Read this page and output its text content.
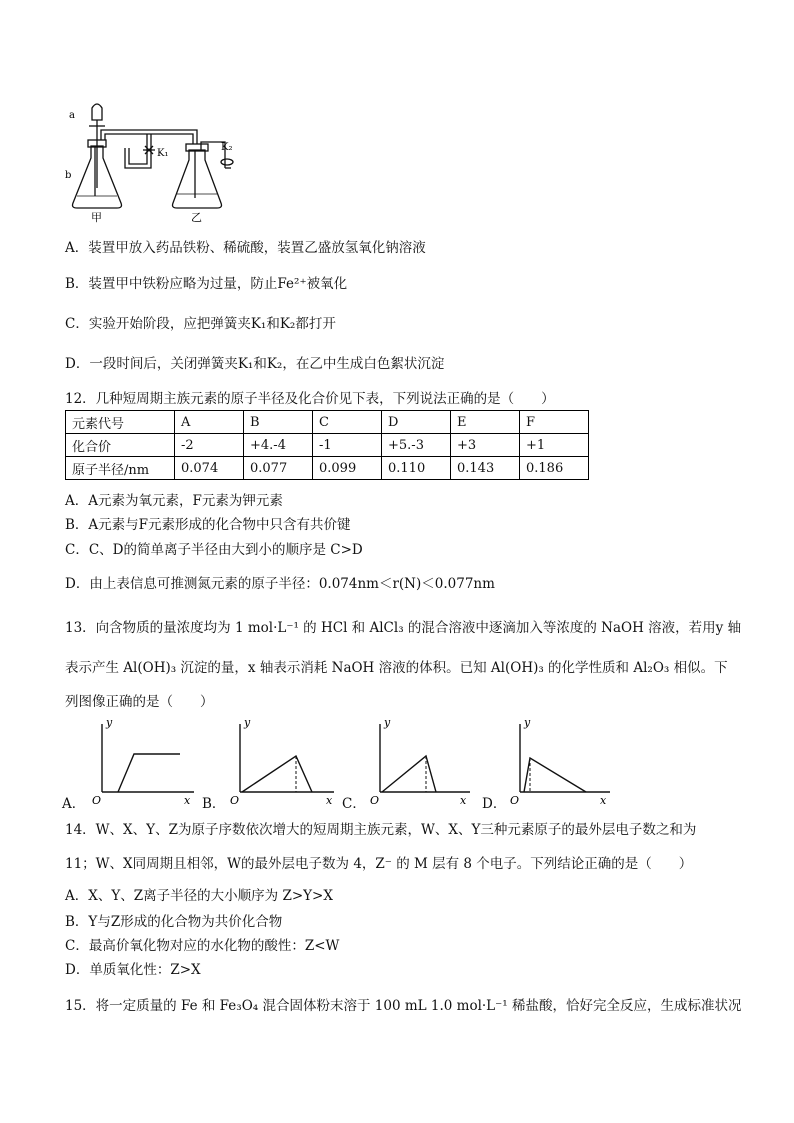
a
b
K₁
K₂
甲	乙
A．装置甲放入药品铁粉、稀硫酸，装置乙盛放氢氧化钠溶液
B．装置甲中铁粉应略为过量，防止Fe²⁺被氧化
C．实验开始阶段，应把弹簧夹K₁和K₂都打开
D．一段时间后，关闭弹簧夹K₁和K₂，在乙中生成白色絮状沉淀
12．几种短周期主族元素的原子半径及化合价见下表，下列说法正确的是（　　）
元素代号	A	B	C	D	E	F
化合价	-2	+4.-4	-1	+5.-3	+3	+1
原子半径/nm	0.074	0.077	0.099	0.110	0.143	0.186
A．A元素为氧元素，F元素为钾元素
B．A元素与F元素形成的化合物中只含有共价键
C．C、D的简单离子半径由大到小的顺序是 C>D
D．由上表信息可推测氮元素的原子半径：0.074nm＜r(N)＜0.077nm
13．向含物质的量浓度均为 1 mol·L⁻¹ 的 HCl 和 AlCl₃ 的混合溶液中逐滴加入等浓度的 NaOH 溶液，若用y 轴
表示产生 Al(OH)₃ 沉淀的量，x 轴表示消耗 NaOH 溶液的体积。已知 Al(OH)₃ 的化学性质和 Al₂O₃ 相似。下
列图像正确的是（　　）
A．
y
x
O	B．
y
x
O	C．
y
x
O	D．
y
x
O
14．W、X、Y、Z为原子序数依次增大的短周期主族元素，W、X、Y三种元素原子的最外层电子数之和为
11；W、X同周期且相邻，W的最外层电子数为 4，Z⁻ 的 M 层有 8 个电子。下列结论正确的是（　　）
A．X、Y、Z离子半径的大小顺序为 Z>Y>X
B．Y与Z形成的化合物为共价化合物
C．最高价氧化物对应的水化物的酸性：Z<W
D．单质氧化性：Z>X
15．将一定质量的 Fe 和 Fe₃O₄ 混合固体粉末溶于 100 mL 1.0 mol·L⁻¹ 稀盐酸，恰好完全反应，生成标准状况
